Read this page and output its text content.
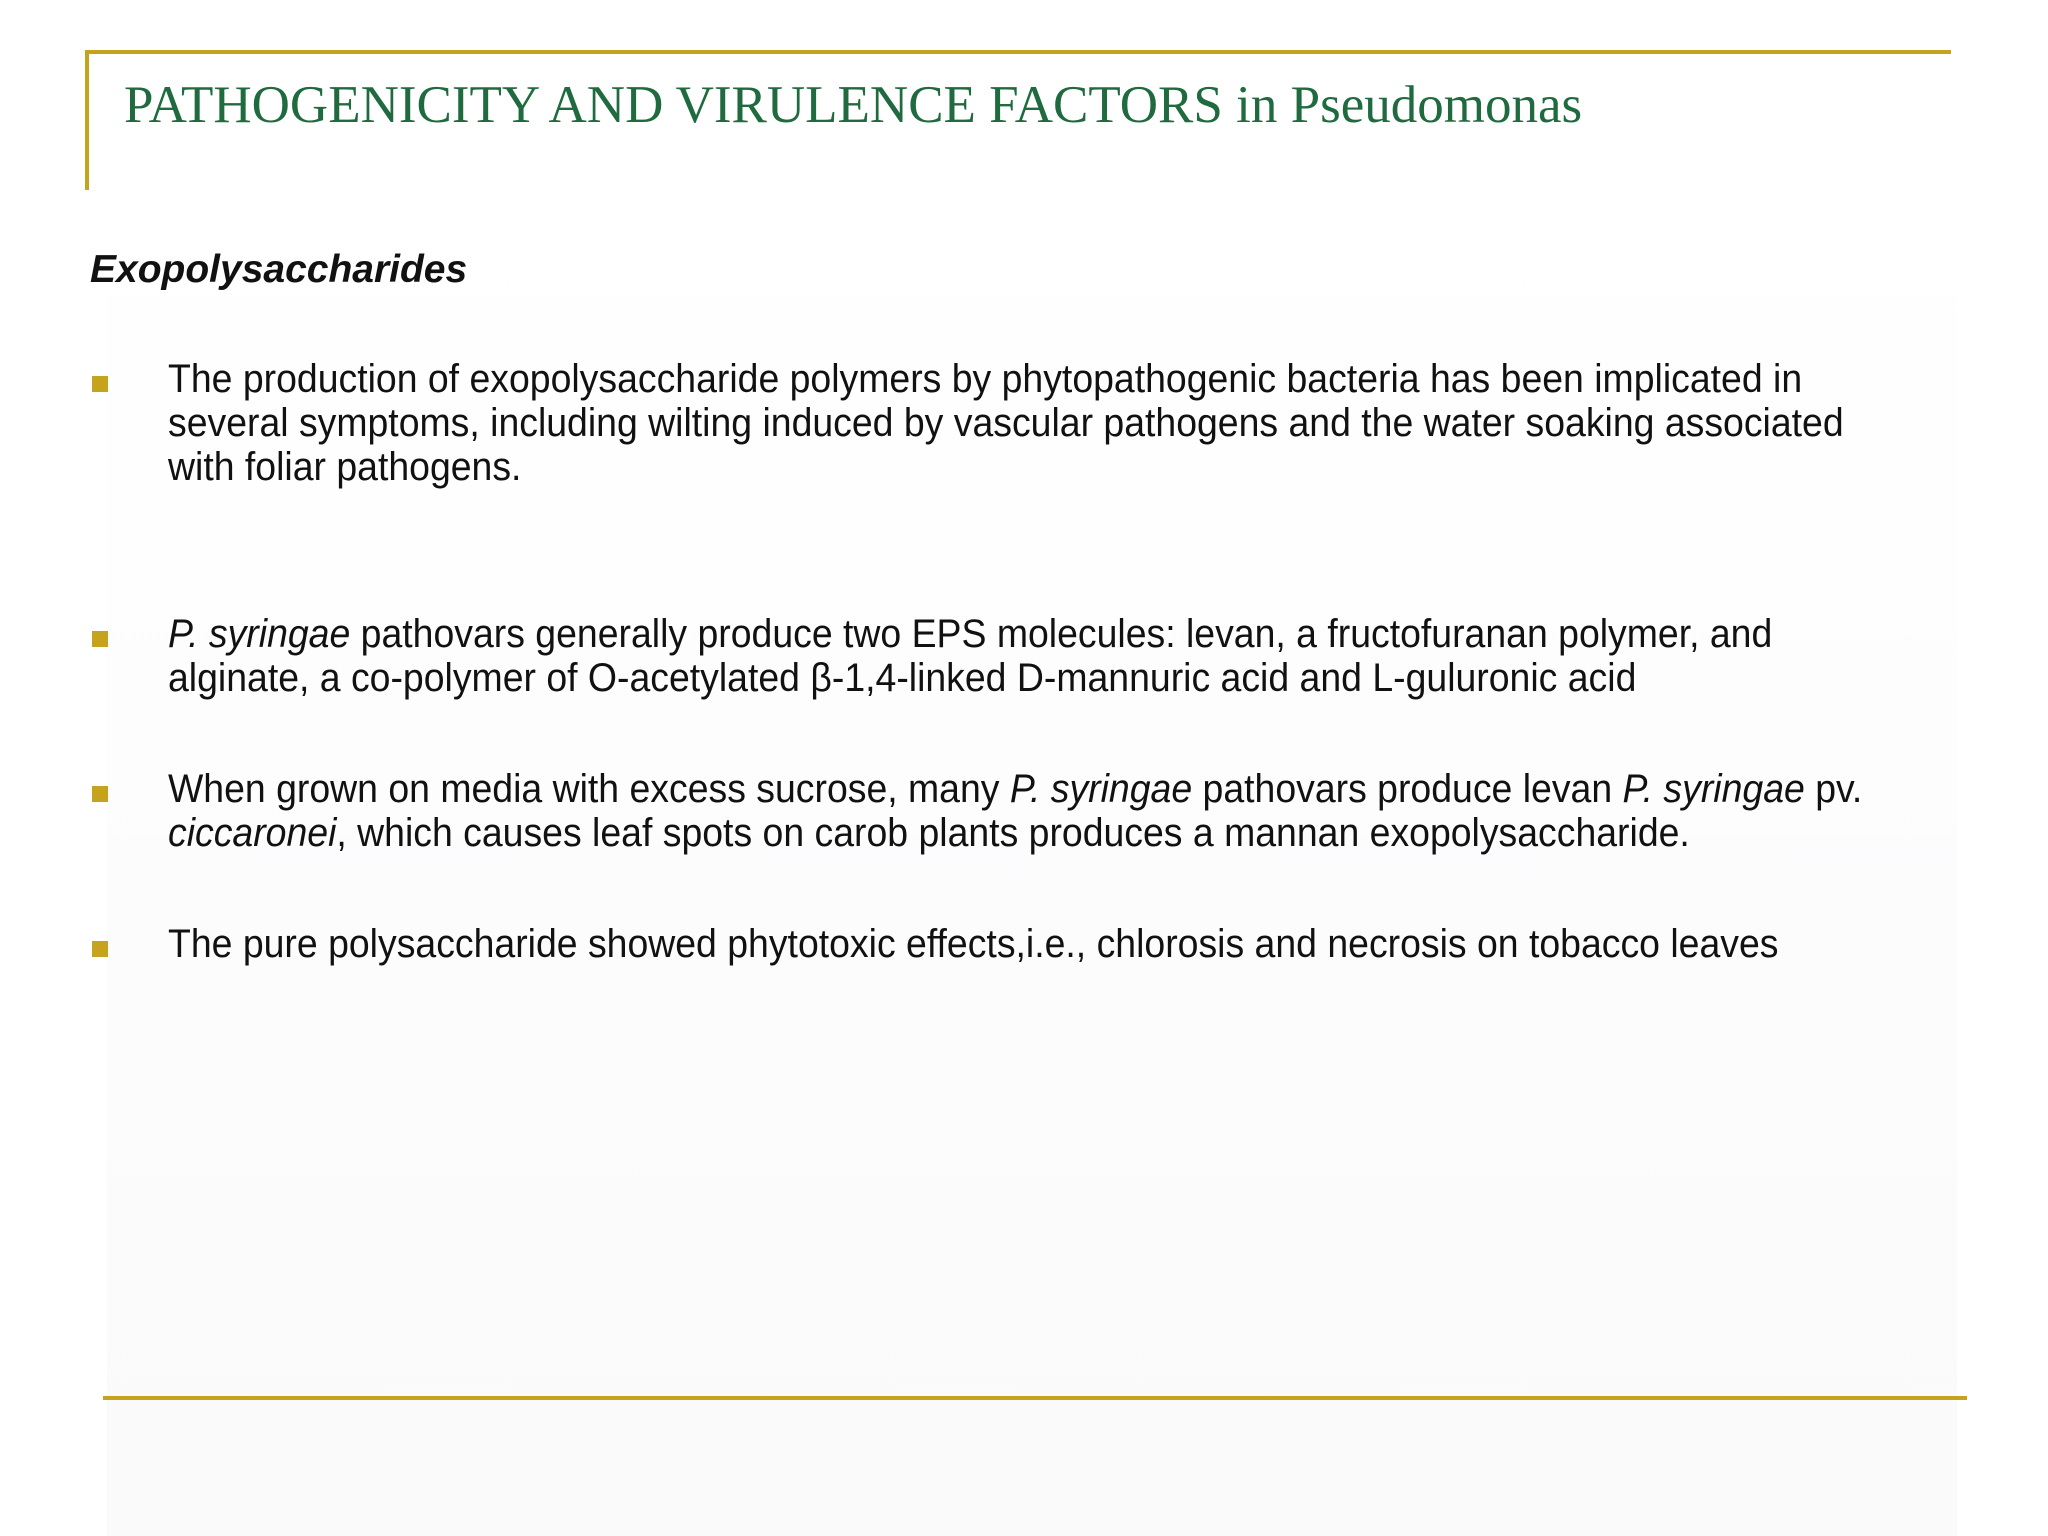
PATHOGENICITY AND VIRULENCE FACTORS in Pseudomonas
Exopolysaccharides
The production of exopolysaccharide polymers by phytopathogenic bacteria has been implicated in several symptoms, including wilting induced by vascular pathogens and the water soaking associated with foliar pathogens.
P. syringae pathovars generally produce two EPS molecules: levan, a fructofuranan polymer, and alginate, a co-polymer of O-acetylated β-1,4-linked D-mannuric acid and L-guluronic acid
When grown on media with excess sucrose, many P. syringae pathovars produce levan P. syringae pv. ciccaronei, which causes leaf spots on carob plants produces a mannan exopolysaccharide.
The pure polysaccharide showed phytotoxic effects,i.e., chlorosis and necrosis on tobacco leaves
